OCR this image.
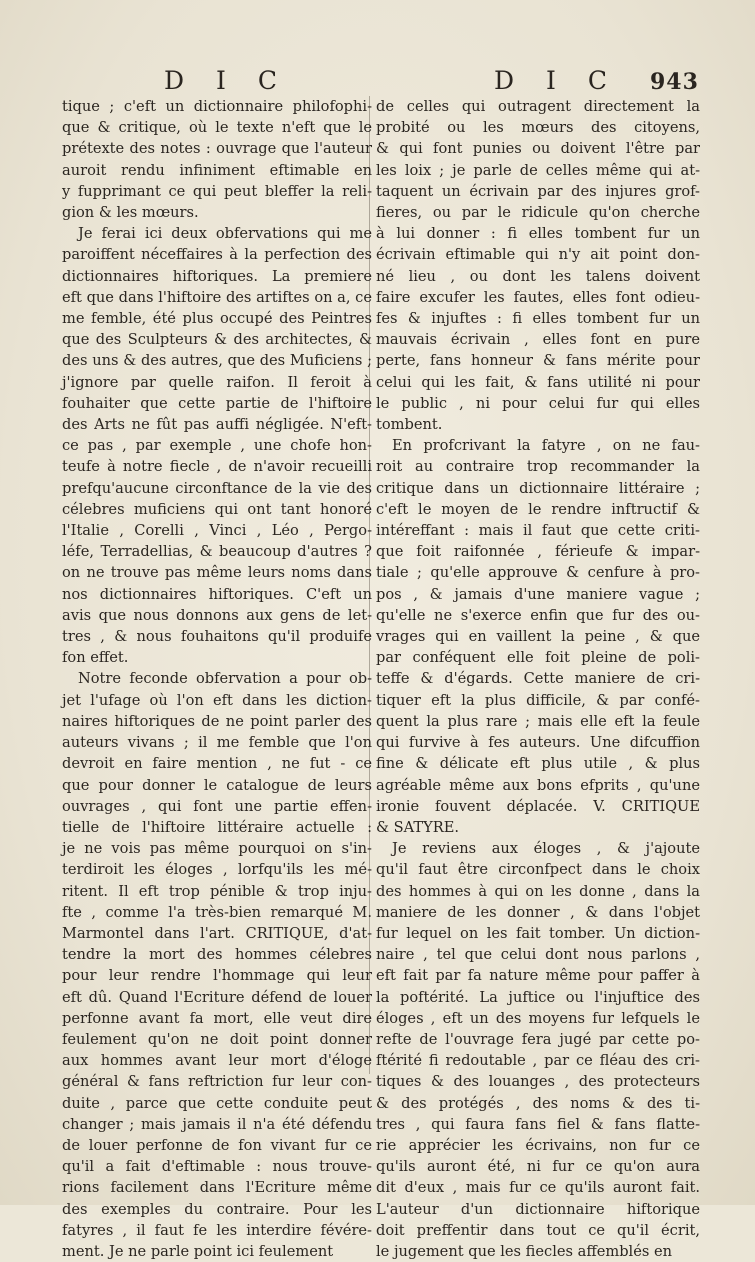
D I C	D I C 943
tique ; c'eft un dictionnaire philofophi-
que & critique, où le texte n'eft que le
prétexte des notes : ouvrage que l'auteur
auroit rendu infiniment eftimable en
y fupprimant ce qui peut bleffer la reli-
gion & les mœurs.
Je ferai ici deux obfervations qui me
paroiffent néceffaires à la perfection des
dictionnaires hiftoriques. La premiere
eft que dans l'hiftoire des artiftes on a, ce
me femble, été plus occupé des Peintres
que des Sculpteurs & des architectes, &
des uns & des autres, que des Muficiens ;
j'ignore par quelle raifon. Il feroit à
fouhaiter que cette partie de l'hiftoire
des Arts ne fût pas auffi négligée. N'eft-
ce pas , par exemple , une chofe hon-
teufe à notre fiecle , de n'avoir recueilli
prefqu'aucune circonftance de la vie des
célebres muficiens qui ont tant honoré
l'Italie , Corelli , Vinci , Léo , Pergo-
léfe, Terradellias, & beaucoup d'autres ?
on ne trouve pas même leurs noms dans
nos dictionnaires hiftoriques. C'eft un
avis que nous donnons aux gens de let-
tres , & nous fouhaitons qu'il produife
fon effet.
Notre feconde obfervation a pour ob-
jet l'ufage où l'on eft dans les diction-
naires hiftoriques de ne point parler des
auteurs vivans ; il me femble que l'on
devroit en faire mention , ne fut - ce
que pour donner le catalogue de leurs
ouvrages , qui font une partie effen-
tielle de l'hiftoire littéraire actuelle :
je ne vois pas même pourquoi on s'in-
terdiroit les éloges , lorfqu'ils les mé-
ritent. Il eft trop pénible & trop inju-
fte , comme l'a très-bien remarqué M.
Marmontel dans l'art. CRITIQUE, d'at-
tendre la mort des hommes célebres
pour leur rendre l'hommage qui leur
eft dû. Quand l'Ecriture défend de louer
perfonne avant fa mort, elle veut dire
feulement qu'on ne doit point donner
aux hommes avant leur mort d'éloge
général & fans reftriction fur leur con-
duite , parce que cette conduite peut
changer ; mais jamais il n'a été défendu
de louer perfonne de fon vivant fur ce
qu'il a fait d'eftimable : nous trouve-
rions facilement dans l'Ecriture même
des exemples du contraire. Pour les
fatyres , il faut fe les interdire févére-
ment. Je ne parle point ici feulement
de celles qui outragent directement la
probité ou les mœurs des citoyens,
& qui font punies ou doivent l'être par
les loix ; je parle de celles même qui at-
taquent un écrivain par des injures grof-
fieres, ou par le ridicule qu'on cherche
à lui donner : fi elles tombent fur un
écrivain eftimable qui n'y ait point don-
né lieu , ou dont les talens doivent
faire excufer les fautes, elles font odieu-
fes & injuftes : fi elles tombent fur un
mauvais écrivain , elles font en pure
perte, fans honneur & fans mérite pour
celui qui les fait, & fans utilité ni pour
le public , ni pour celui fur qui elles
tombent.
En profcrivant la fatyre , on ne fau-
roit au contraire trop recommander la
critique dans un dictionnaire littéraire ;
c'eft le moyen de le rendre inftructif &
intéreffant : mais il faut que cette criti-
que foit raifonnée , férieufe & impar-
tiale ; qu'elle approuve & cenfure à pro-
pos , & jamais d'une maniere vague ;
qu'elle ne s'exerce enfin que fur des ou-
vrages qui en vaillent la peine , & que
par conféquent elle foit pleine de poli-
teffe & d'égards. Cette maniere de cri-
tiquer eft la plus difficile, & par confé-
quent la plus rare ; mais elle eft la feule
qui furvive à fes auteurs. Une difcuffion
fine & délicate eft plus utile , & plus
agréable même aux bons efprits , qu'une
ironie fouvent déplacée. V. CRITIQUE
& SATYRE.
Je reviens aux éloges , & j'ajoute
qu'il faut être circonfpect dans le choix
des hommes à qui on les donne , dans la
maniere de les donner , & dans l'objet
fur lequel on les fait tomber. Un diction-
naire , tel que celui dont nous parlons ,
eft fait par fa nature même pour paffer à
la poftérité. La juftice ou l'injuftice des
éloges , eft un des moyens fur lefquels le
refte de l'ouvrage fera jugé par cette po-
ftérité fi redoutable , par ce fléau des cri-
tiques & des louanges , des protecteurs
& des protégés , des noms & des ti-
tres , qui faura fans fiel & fans flatte-
rie apprécier les écrivains, non fur ce
qu'ils auront été, ni fur ce qu'on aura
dit d'eux , mais fur ce qu'ils auront fait.
L'auteur d'un dictionnaire hiftorique
doit preffentir dans tout ce qu'il écrit,
le jugement que les fiecles affemblés en
